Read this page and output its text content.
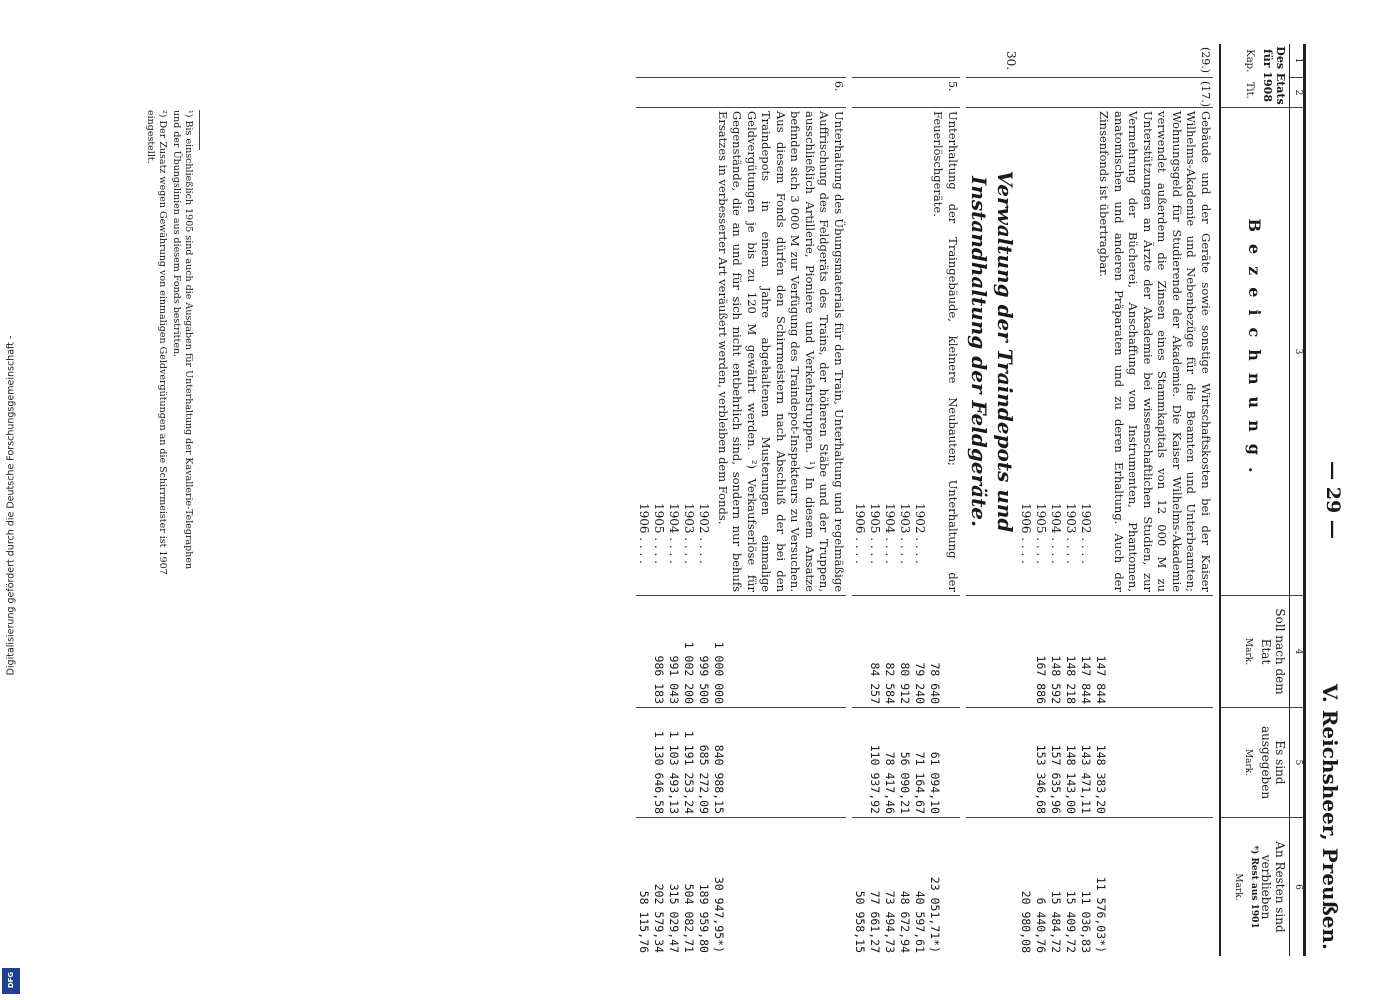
Digitalisierung gefördert durch die Deutsche Forschungsgemeinschaft -
DFG
— 29 —
V. Reichsheer, Preußen.
1
2
3
4
5
6
Des Etats für 1908
Kap.
Tit.
Bezeichnung.
Soll nach dem Etat
Mark.
Es sind ausgegeben
Mark.
An Resten sind verblieben
*) Rest aus 1901
Mark.
(29.)
(17.)
Gebäude und der Geräte sowie sonstige Wirtschaftskosten bei der Kaiser Wilhelms-Akademie und Nebenbezüge für die Beamten und Unterbeamten; Wohnungsgeld für Studierende der Akademie. Die Kaiser Wilhelms-Akademie verwendet außerdem die Zinsen eines Stammkapitals von 12 000 M zu Unterstützungen an Ärzte der Akademie bei wissenschaftlichen Studien, zur Vermehrung der Bücherei, Anschaffung von Instrumenten, Phantomen, anatomischen und anderen Präparaten und zu deren Erhaltung. Auch der Zinsenfonds ist übertragbar.
1902 . . . .
1903 . . . .
1904 . . . .
1905 . . . .
1906 . . . .
147 844
147 844
148 218
148 592
167 886
148 383,20
143 471,11
148 143,00
157 635,96
153 346,68
11 576,03*)
11 036,83
15 409,72
15 484,72
6 440,76
20 980,08
30.
Verwaltung der Traindepots und Instandhaltung der Feldgeräte.
5.
Unterhaltung der Traingebäude, kleinere Neubauten; Unterhaltung der Feuerlöschgeräte.
1902 . . . .
1903 . . . .
1904 . . . .
1905 . . . .
1906 . . . .
78 640
79 240
80 912
82 584
84 257
61 094,10
71 164,67
56 090,21
78 417,46
110 937,92
23 051,71*)
40 597,61
48 672,94
73 494,73
77 661,27
50 958,15
6.
Unterhaltung des Übungsmaterials für den Train, Unterhaltung und regelmäßige Auffrischung des Feldgeräts des Trains, der höheren Stäbe und der Truppen, ausschließlich Artillerie, Pioniere und Verkehrstruppen. ¹) In diesem Ansatze befinden sich 3 000 M zur Verfügung des Traindepot-Inspekteurs zu Versuchen. Aus diesem Fonds dürfen den Schirrmeistern nach Abschluß der bei den Traindepots in einem Jahre abgehaltenen Musterungen einmalige Geldvergütungen je bis zu 120 M gewährt werden. ²) Verkaufserlöse für Gegenstände, die an und für sich nicht entbehrlich sind, sondern nur behufs Ersatzes in verbesserter Art veräußert werden, verbleiben dem Fonds.
1902 . . . .
1903 . . . .
1904 . . . .
1905 . . . .
1906 . . . .
1 000 000
999 500
1 002 200
991 043
986 183
840 988,15
685 272,09
1 191 253,24
1 103 493,13
1 130 646,58
30 947,95*)
189 959,80
504 082,71
315 029,47
202 579,34
58 115,76
¹) Bis einschließlich 1905 sind auch die Ausgaben für Unterhaltung der Kavallerie-Telegraphen und der Übungslinien aus diesem Fonds bestritten.
²) Der Zusatz wegen Gewährung von einmaligen Geldvergütungen an die Schirrmeister ist 1907 eingestellt.
